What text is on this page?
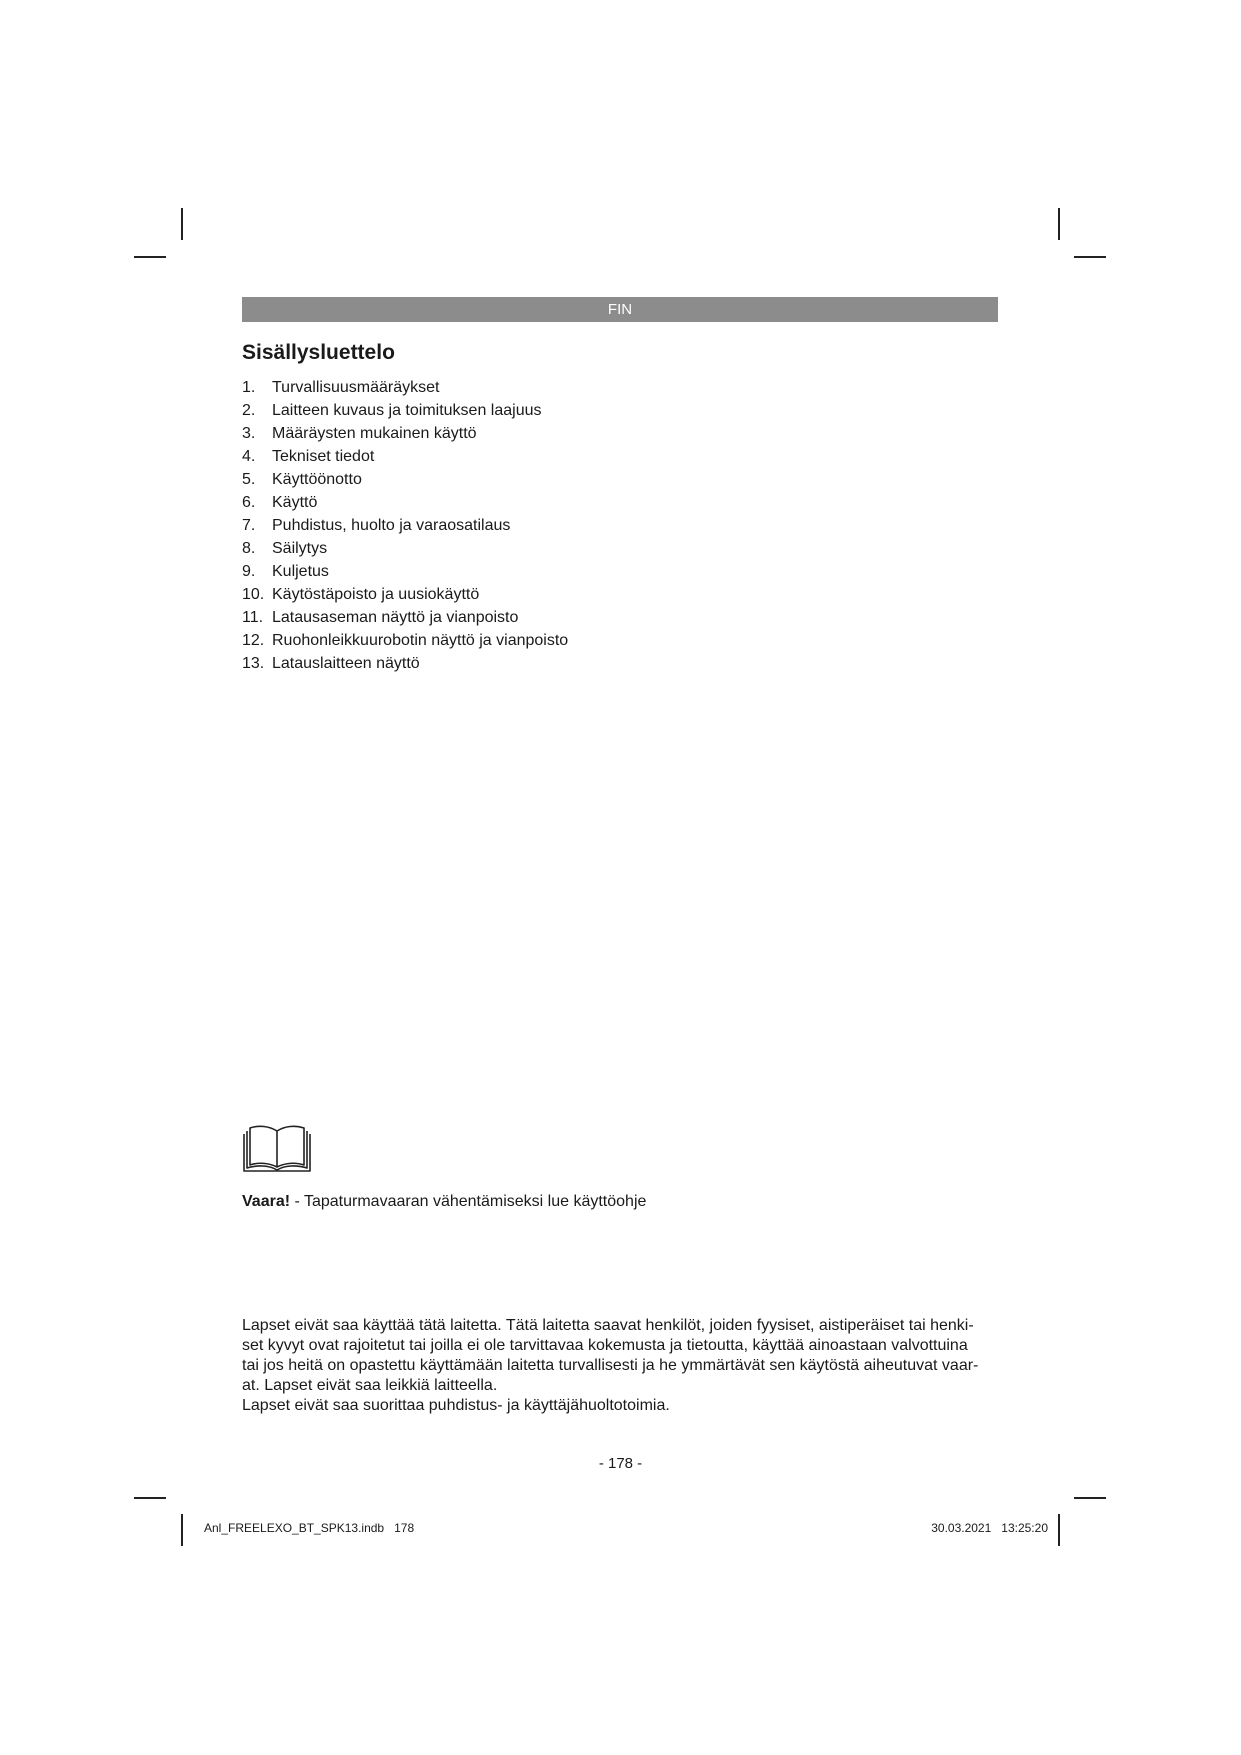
FIN
Sisällysluettelo
1.	Turvallisuusmääräykset
2.	Laitteen kuvaus ja toimituksen laajuus
3.	Määräysten mukainen käyttö
4.	Tekniset tiedot
5.	Käyttöönotto
6.	Käyttö
7.	Puhdistus, huolto ja varaosatilaus
8.	Säilytys
9.	Kuljetus
10. Käytöstäpoisto ja uusiokäyttö
11. Latausaseman näyttö ja vianpoisto
12. Ruohonleikkuurobotin näyttö ja vianpoisto
13. Latauslaitteen näyttö

Vaara! - Tapaturmavaaran vähentämiseksi lue käyttöohje

Lapset eivät saa käyttää tätä laitetta. Tätä laitetta saavat henkilöt, joiden fyysiset, aistiperäiset tai henki-
set kyvyt ovat rajoitetut tai joilla ei ole tarvittavaa kokemusta ja tietoutta, käyttää ainoastaan valvottuina
tai jos heitä on opastettu käyttämään laitetta turvallisesti ja he ymmärtävät sen käytöstä aiheutuvat vaar-
at. Lapset eivät saa leikkiä laitteella.
Lapset eivät saa suorittaa puhdistus- ja käyttäjähuoltotoimia.
- 178 -
Anl_FREELEXO_BT_SPK13.indb   178	30.03.2021   13:25:20
